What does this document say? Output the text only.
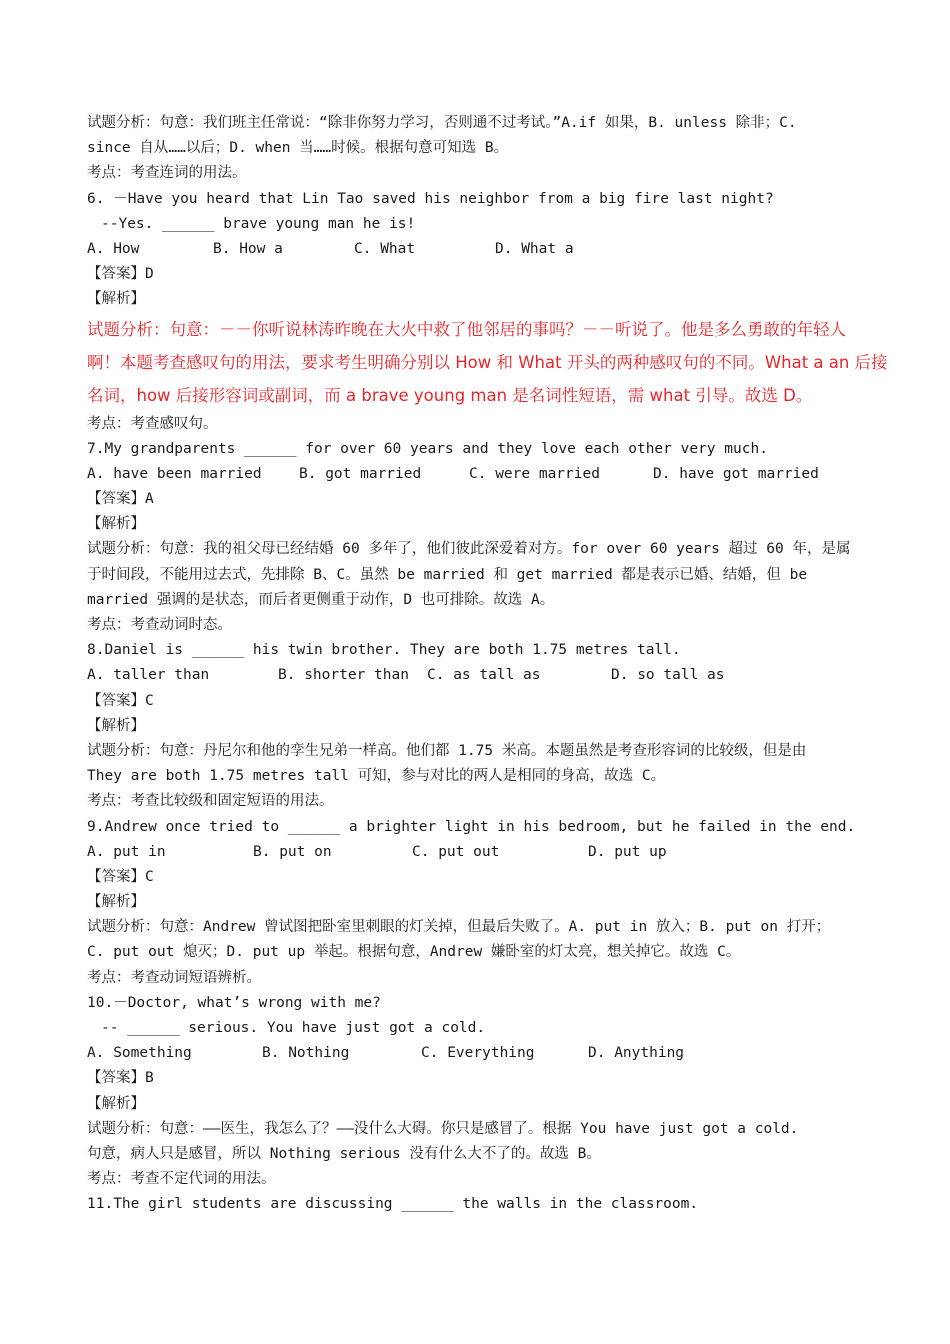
试题分析：句意：我们班主任常说：“除非你努力学习，否则通不过考试。”A.if 如果，B. unless 除非；C.
since 自从……以后；D. when 当……时候。根据句意可知选 B。
考点：考查连词的用法。
6. －Have you heard that Lin Tao saved his neighbor from a big fire last night?
--Yes. ______ brave young man he is!
A. How	B. How a	C. What	D. What a
【答案】D
【解析】
试题分析：句意：－－你听说林涛昨晚在大火中救了他邻居的事吗？－－听说了。他是多么勇敢的年轻人
啊！本题考查感叹句的用法，要求考生明确分别以 How 和 What 开头的两种感叹句的不同。What a an 后接
名词，how 后接形容词或副词，而 a brave young man 是名词性短语，需 what 引导。故选 D。
考点：考查感叹句。
7.My grandparents ______ for over 60 years and they love each other very much.
A. have been married	B. got married	C. were married	D. have got married
【答案】A
【解析】
试题分析：句意：我的祖父母已经结婚 60 多年了，他们彼此深爱着对方。for over 60 years 超过 60 年，是属
于时间段，不能用过去式，先排除 B、C。虽然 be married 和 get married 都是表示已婚、结婚，但 be
married 强调的是状态，而后者更侧重于动作，D 也可排除。故选 A。
考点：考查动词时态。
8.Daniel is ______ his twin brother. They are both 1.75 metres tall.
A. taller than	B. shorter than	C. as tall as	D. so tall as
【答案】C
【解析】
试题分析：句意：丹尼尔和他的孪生兄弟一样高。他们都 1.75 米高。本题虽然是考查形容词的比较级，但是由
They are both 1.75 metres tall 可知，参与对比的两人是相同的身高，故选 C。
考点：考查比较级和固定短语的用法。
9.Andrew once tried to ______ a brighter light in his bedroom, but he failed in the end.
A. put in	B. put on	C. put out	D. put up
【答案】C
【解析】
试题分析：句意：Andrew 曾试图把卧室里刺眼的灯关掉，但最后失败了。A. put in 放入；B. put on 打开；
C. put out 熄灭；D. put up 举起。根据句意，Andrew 嫌卧室的灯太亮，想关掉它。故选 C。
考点：考查动词短语辨析。
10.－Doctor, what’s wrong with me?
-- ______ serious. You have just got a cold.
A. Something	B. Nothing	C. Everything	D. Anything
【答案】B
【解析】
试题分析：句意：——医生，我怎么了？——没什么大碍。你只是感冒了。根据 You have just got a cold.
句意，病人只是感冒，所以 Nothing serious 没有什么大不了的。故选 B。
考点：考查不定代词的用法。
11.The girl students are discussing ______ the walls in the classroom.
